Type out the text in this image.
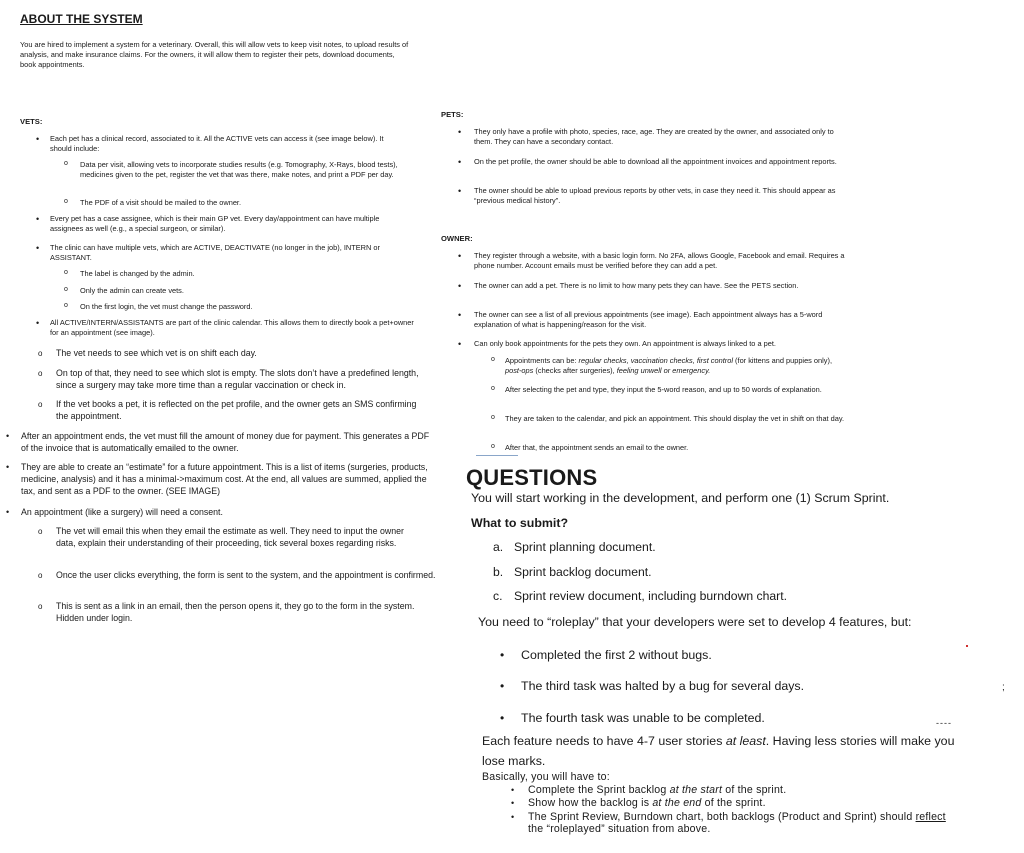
ABOUT THE SYSTEM
You are hired to implement a system for a veterinary. Overall, this will allow vets to keep visit notes, to upload results of analysis, and make insurance claims. For the owners, it will allow them to register their pets, download documents, book appointments.
VETS:
• Each pet has a clinical record, associated to it. All the ACTIVE vets can access it (see image below). It should include:
o Data per visit, allowing vets to incorporate studies results (e.g. Tomography, X-Rays, blood tests), medicines given to the pet, register the vet that was there, make notes, and print a PDF per day.
o The PDF of a visit should be mailed to the owner.
• Every pet has a case assignee, which is their main GP vet. Every day/appointment can have multiple assignees as well (e.g., a special surgeon, or similar).
• The clinic can have multiple vets, which are ACTIVE, DEACTIVATE (no longer in the job), INTERN or ASSISTANT.
o The label is changed by the admin.
o Only the admin can create vets.
o On the first login, the vet must change the password.
• All ACTIVE/INTERN/ASSISTANTS are part of the clinic calendar. This allows them to directly book a pet+owner for an appointment (see image).
o The vet needs to see which vet is on shift each day.
o On top of that, they need to see which slot is empty. The slots don’t have a predefined length, since a surgery may take more time than a regular vaccination or check in.
o If the vet books a pet, it is reflected on the pet profile, and the owner gets an SMS confirming the appointment.
• After an appointment ends, the vet must fill the amount of money due for payment. This generates a PDF of the invoice that is automatically emailed to the owner.
• They are able to create an “estimate” for a future appointment. This is a list of items (surgeries, products, medicine, analysis) and it has a minimal->maximum cost. At the end, all values are summed, applied the tax, and sent as a PDF to the owner. (SEE IMAGE)
• An appointment (like a surgery) will need a consent.
o The vet will email this when they email the estimate as well. They need to input the owner data, explain their understanding of their proceeding, tick several boxes regarding risks.
o Once the user clicks everything, the form is sent to the system, and the appointment is confirmed.
o This is sent as a link in an email, then the person opens it, they go to the form in the system. Hidden under login.
PETS:
• They only have a profile with photo, species, race, age. They are created by the owner, and associated only to them. They can have a secondary contact.
• On the pet profile, the owner should be able to download all the appointment invoices and appointment reports.
• The owner should be able to upload previous reports by other vets, in case they need it. This should appear as “previous medical history”.
OWNER:
• They register through a website, with a basic login form. No 2FA, allows Google, Facebook and email. Requires a phone number. Account emails must be verified before they can add a pet.
• The owner can add a pet. There is no limit to how many pets they can have. See the PETS section.
• The owner can see a list of all previous appointments (see image). Each appointment always has a 5-word explanation of what is happening/reason for the visit.
• Can only book appointments for the pets they own. An appointment is always linked to a pet.
o Appointments can be: regular checks, vaccination checks, first control (for kittens and puppies only), post-ops (checks after surgeries), feeling unwell or emergency.
o After selecting the pet and type, they input the 5-word reason, and up to 50 words of explanation.
o They are taken to the calendar, and pick an appointment. This should display the vet in shift on that day.
o After that, the appointment sends an email to the owner.
QUESTIONS
You will start working in the development, and perform one (1) Scrum Sprint.
What to submit?
a. Sprint planning document.
b. Sprint backlog document.
c. Sprint review document, including burndown chart.
You need to “roleplay” that your developers were set to develop 4 features, but:
• Completed the first 2 without bugs.
• The third task was halted by a bug for several days.
• The fourth task was unable to be completed.	----
;
Each feature needs to have 4-7 user stories at least. Having less stories will make you
lose marks.
Basically, you will have to:
• Complete the Sprint backlog at the start of the sprint.
• Show how the backlog is at the end of the sprint.
• The Sprint Review, Burndown chart, both backlogs (Product and Sprint) should reflect
the “roleplayed” situation from above.
